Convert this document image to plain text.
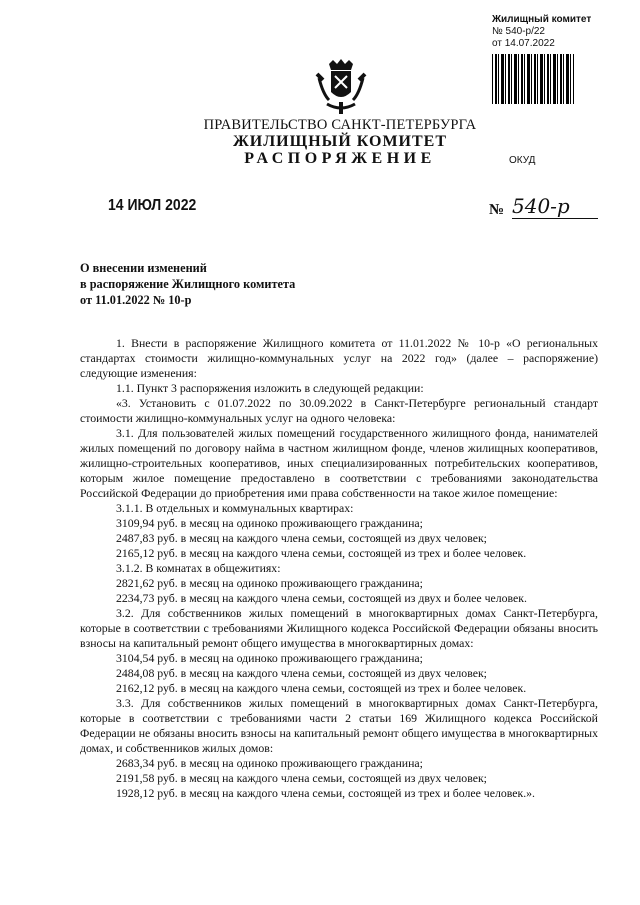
Жилищный комитет
№ 540-р/22
от 14.07.2022
ПРАВИТЕЛЬСТВО САНКТ-ПЕТЕРБУРГА
ЖИЛИЩНЫЙ КОМИТЕТ
РАСПОРЯЖЕНИЕ	ОКУД
14 ИЮЛ 2022	№ 540-р
О внесении изменений
в распоряжение Жилищного комитета
от 11.01.2022 № 10-р

1. Внести в распоряжение Жилищного комитета от 11.01.2022 № 10-р «О региональных стандартах стоимости жилищно-коммунальных услуг на 2022 год» (далее – распоряжение) следующие изменения:

1.1. Пункт 3 распоряжения изложить в следующей редакции:

«3. Установить с 01.07.2022 по 30.09.2022 в Санкт-Петербурге региональный стандарт стоимости жилищно-коммунальных услуг на одного человека:

3.1. Для пользователей жилых помещений государственного жилищного фонда, нанимателей жилых помещений по договору найма в частном жилищном фонде, членов жилищных кооперативов, жилищно-строительных кооперативов, иных специализированных потребительских кооперативов, которым жилое помещение предоставлено в соответствии с требованиями законодательства Российской Федерации до приобретения ими права собственности на такое жилое помещение:

3.1.1. В отдельных и коммунальных квартирах:

3109,94 руб. в месяц на одиноко проживающего гражданина;

2487,83 руб. в месяц на каждого члена семьи, состоящей из двух человек;

2165,12 руб. в месяц на каждого члена семьи, состоящей из трех и более человек.

3.1.2. В комнатах в общежитиях:

2821,62 руб. в месяц на одиноко проживающего гражданина;

2234,73 руб. в месяц на каждого члена семьи, состоящей из двух и более человек.

3.2. Для собственников жилых помещений в многоквартирных домах Санкт-Петербурга, которые в соответствии с требованиями Жилищного кодекса Российской Федерации обязаны вносить взносы на капитальный ремонт общего имущества в многоквартирных домах:

3104,54 руб. в месяц на одиноко проживающего гражданина;

2484,08 руб. в месяц на каждого члена семьи, состоящей из двух человек;

2162,12 руб. в месяц на каждого члена семьи, состоящей из трех и более человек.

3.3. Для собственников жилых помещений в многоквартирных домах Санкт-Петербурга, которые в соответствии с требованиями части 2 статьи 169 Жилищного кодекса Российской Федерации не обязаны вносить взносы на капитальный ремонт общего имущества в многоквартирных домах, и собственников жилых домов:

2683,34 руб. в месяц на одиноко проживающего гражданина;

2191,58 руб. в месяц на каждого члена семьи, состоящей из двух человек;

1928,12 руб. в месяц на каждого члена семьи, состоящей из трех и более человек.».
